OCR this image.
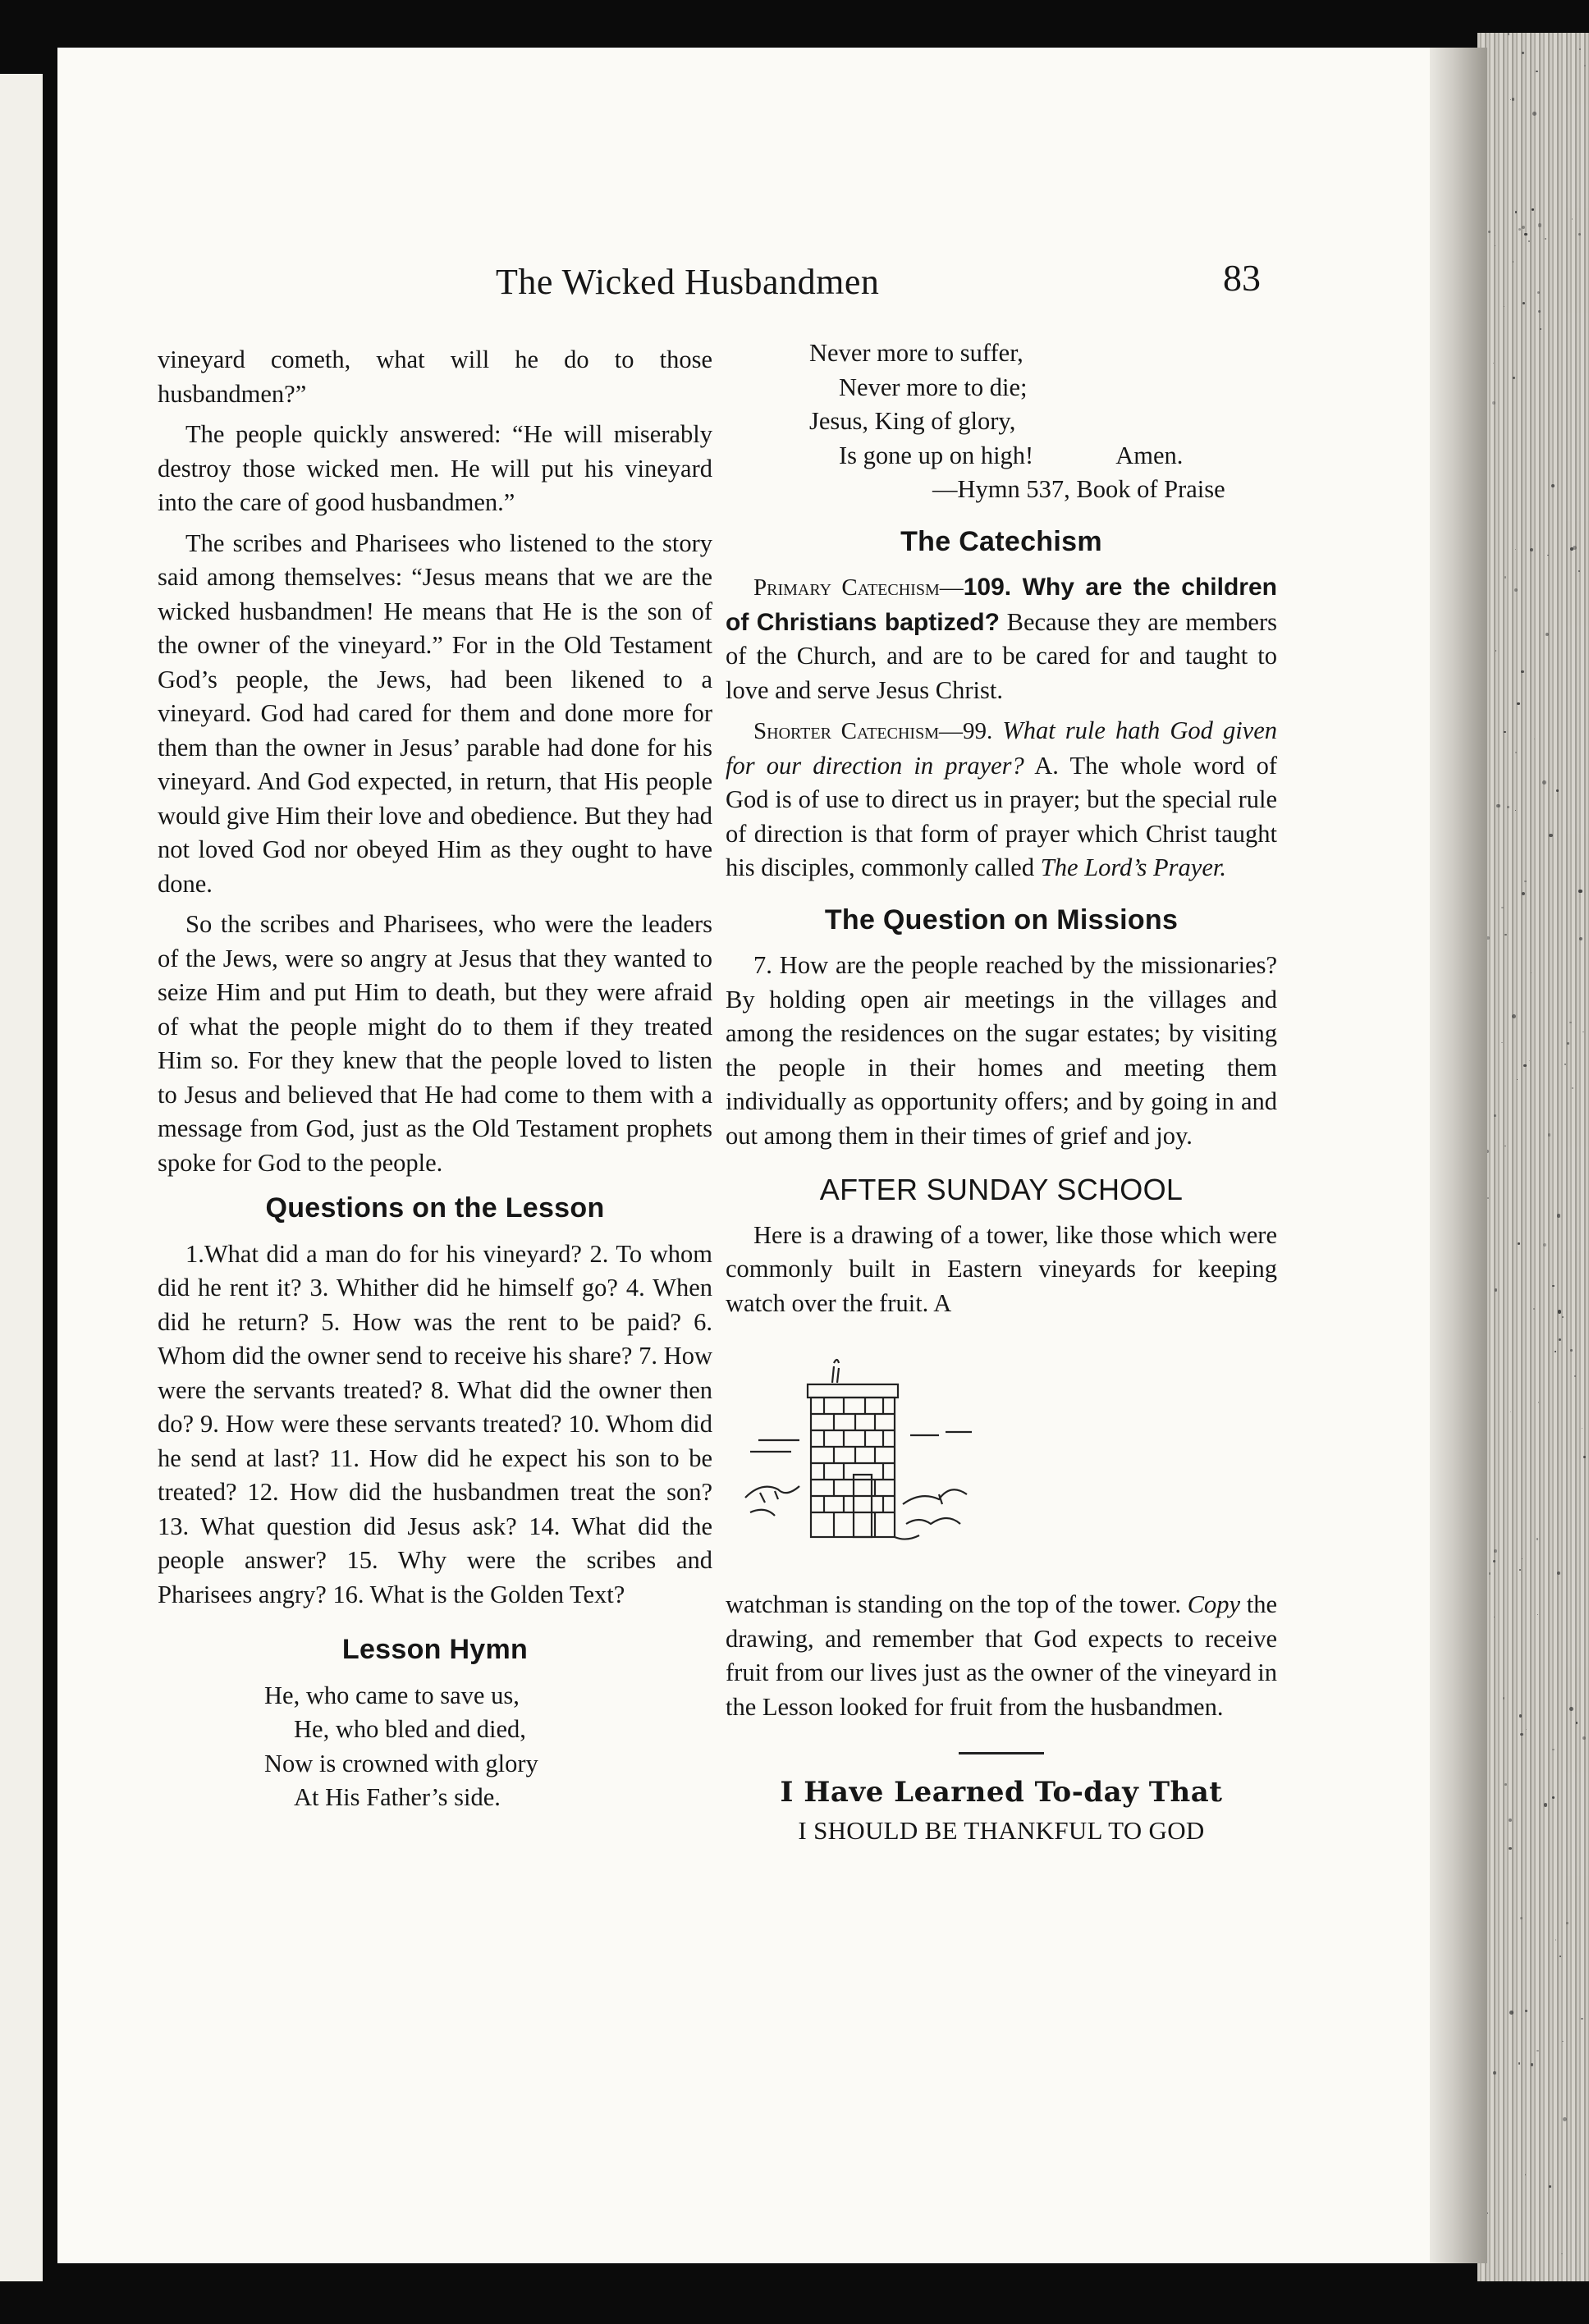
The Wicked Husbandmen	83

vineyard cometh, what will he do to those husbandmen?”

The people quickly answered: “He will miserably destroy those wicked men. He will put his vineyard into the care of good husbandmen.”

The scribes and Pharisees who listened to the story said among themselves: “Jesus means that we are the wicked husbandmen! He means that He is the son of the owner of the vineyard.” For in the Old Testament God’s people, the Jews, had been likened to a vineyard. God had cared for them and done more for them than the owner in Jesus’ parable had done for his vineyard. And God expected, in return, that His people would give Him their love and obedience. But they had not loved God nor obeyed Him as they ought to have done.

So the scribes and Pharisees, who were the leaders of the Jews, were so angry at Jesus that they wanted to seize Him and put Him to death, but they were afraid of what the people might do to them if they treated Him so. For they knew that the people loved to listen to Jesus and believed that He had come to them with a message from God, just as the Old Testament prophets spoke for God to the people.

Questions on the Lesson

1.What did a man do for his vineyard? 2. To whom did he rent it? 3. Whither did he himself go? 4. When did he return? 5. How was the rent to be paid? 6. Whom did the owner send to receive his share? 7. How were the servants treated? 8. What did the owner then do? 9. How were these servants treated? 10. Whom did he send at last? 11. How did he expect his son to be treated? 12. How did the husbandmen treat the son? 13. What question did Jesus ask? 14. What did the people answer? 15. Why were the scribes and Pharisees angry? 16. What is the Golden Text?

Lesson Hymn
He, who came to save us,
He, who bled and died,
Now is crowned with glory
At His Father’s side.
Never more to suffer,
Never more to die;
Jesus, King of glory,
Is gone up on high!	Amen.
—Hymn 537, Book of Praise
The Catechism

Primary Catechism—109. Why are the children of Christians baptized? Because they are members of the Church, and are to be cared for and taught to love and serve Jesus Christ.

Shorter Catechism—99. What rule hath God given for our direction in prayer? A. The whole word of God is of use to direct us in prayer; but the special rule of direction is that form of prayer which Christ taught his disciples, commonly called The Lord’s Prayer.

The Question on Missions

7. How are the people reached by the missionaries? By holding open air meetings in the villages and among the residences on the sugar estates; by visiting the people in their homes and meeting them individually as opportunity offers; and by going in and out among them in their times of grief and joy.

AFTER SUNDAY SCHOOL

Here is a drawing of a tower, like those which were commonly built in Eastern vineyards for keeping watch over the fruit. A

watchman is standing on the top of the tower. Copy the drawing, and remember that God expects to receive fruit from our lives just as the owner of the vineyard in the Lesson looked for fruit from the husbandmen.

I Have Learned To-day That
I SHOULD BE THANKFUL TO GOD
